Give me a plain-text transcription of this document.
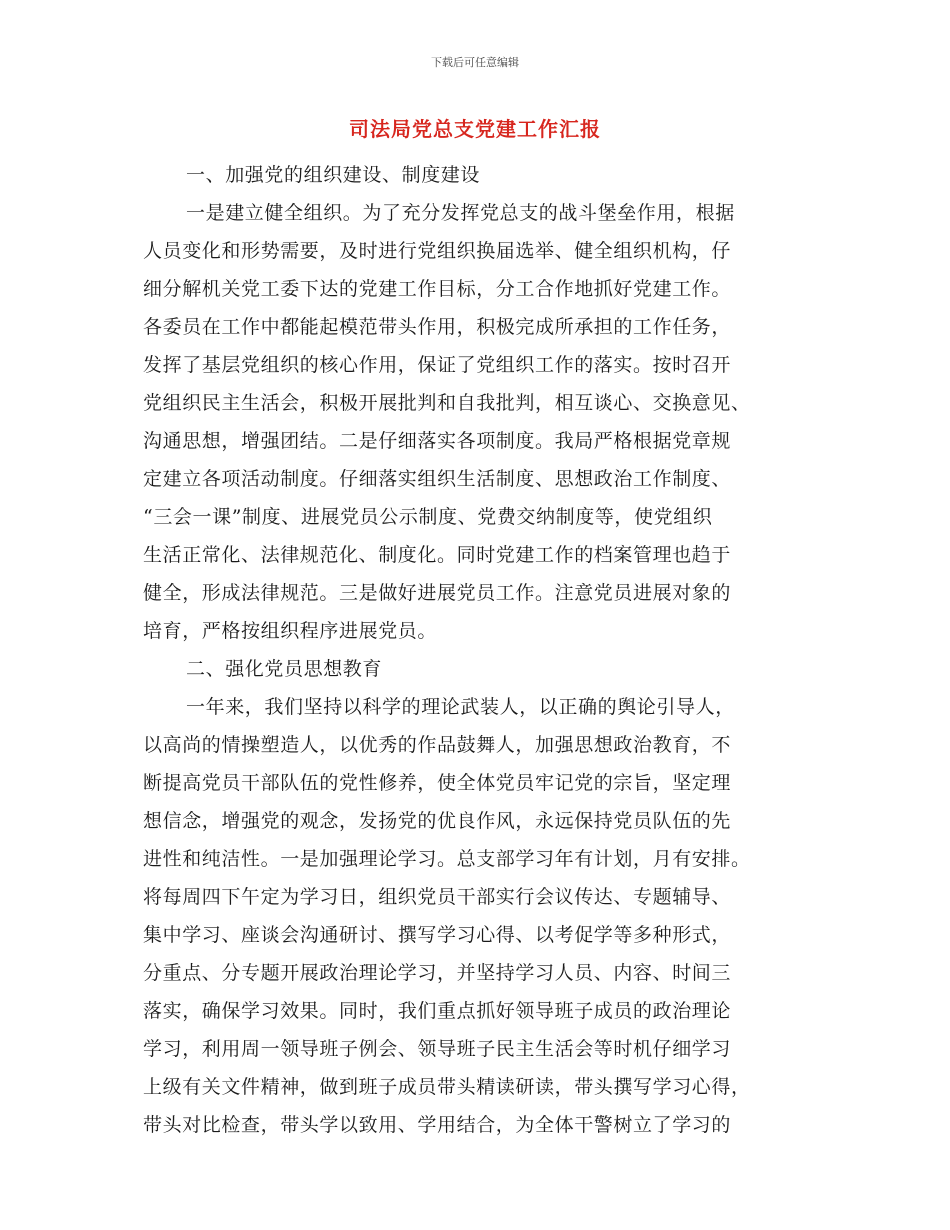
下载后可任意编辑
司法局党总支党建工作汇报
一、加强党的组织建设、制度建设
一是建立健全组织。为了充分发挥党总支的战斗堡垒作用，根据
人员变化和形势需要，及时进行党组织换届选举、健全组织机构，仔
细分解机关党工委下达的党建工作目标，分工合作地抓好党建工作。
各委员在工作中都能起模范带头作用，积极完成所承担的工作任务，
发挥了基层党组织的核心作用，保证了党组织工作的落实。按时召开
党组织民主生活会，积极开展批判和自我批判，相互谈心、交换意见、
沟通思想，增强团结。二是仔细落实各项制度。我局严格根据党章规
定建立各项活动制度。仔细落实组织生活制度、思想政治工作制度、
“三会一课”制度、进展党员公示制度、党费交纳制度等，使党组织
生活正常化、法律规范化、制度化。同时党建工作的档案管理也趋于
健全，形成法律规范。三是做好进展党员工作。注意党员进展对象的
培育，严格按组织程序进展党员。
二、强化党员思想教育
一年来，我们坚持以科学的理论武装人，以正确的舆论引导人，
以高尚的情操塑造人，以优秀的作品鼓舞人，加强思想政治教育，不
断提高党员干部队伍的党性修养，使全体党员牢记党的宗旨，坚定理
想信念，增强党的观念，发扬党的优良作风，永远保持党员队伍的先
进性和纯洁性。一是加强理论学习。总支部学习年有计划，月有安排。
将每周四下午定为学习日，组织党员干部实行会议传达、专题辅导、
集中学习、座谈会沟通研讨、撰写学习心得、以考促学等多种形式，
分重点、分专题开展政治理论学习，并坚持学习人员、内容、时间三
落实，确保学习效果。同时，我们重点抓好领导班子成员的政治理论
学习，利用周一领导班子例会、领导班子民主生活会等时机仔细学习
上级有关文件精神，做到班子成员带头精读研读，带头撰写学习心得，
带头对比检查，带头学以致用、学用结合，为全体干警树立了学习的
